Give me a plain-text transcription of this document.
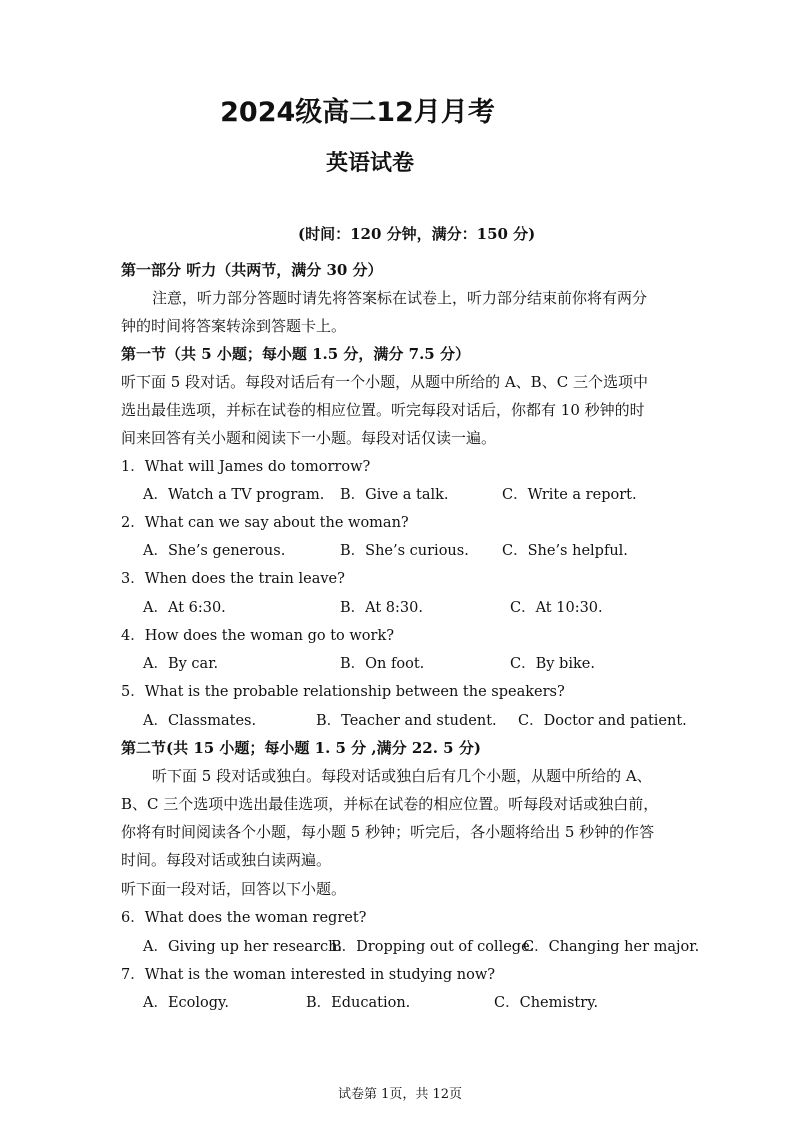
2024级高二12月月考
英语试卷
(时间：120 分钟，满分：150 分)
第一部分 听力（共两节，满分 30 分）
注意，听力部分答题时请先将答案标在试卷上，听力部分结束前你将有两分
钟的时间将答案转涂到答题卡上。
第一节（共 5 小题；每小题 1.5 分，满分 7.5 分）
听下面 5 段对话。每段对话后有一个小题，从题中所给的 A、B、C 三个选项中
选出最佳选项，并标在试卷的相应位置。听完每段对话后，你都有 10 秒钟的时
间来回答有关小题和阅读下一小题。每段对话仅读一遍。
1．What will James do tomorrow?
A．Watch a TV program. B．Give a talk.	C．Write a report.
2．What can we say about the woman?
A．She’s generous.	B．She’s curious. C．She’s helpful.
3．When does the train leave?
A．At 6:30.	B．At 8:30.	C．At 10:30.
4．How does the woman go to work?
A．By car.	B．On foot.	C．By bike.
5．What is the probable relationship between the speakers?
A．Classmates.	B．Teacher and student. C．Doctor and patient.
第二节(共 15 小题；每小题 1. 5 分 ,满分 22. 5 分)
听下面 5 段对话或独白。每段对话或独白后有几个小题，从题中所给的 A、
B、C 三个选项中选出最佳选项，并标在试卷的相应位置。听每段对话或独白前，
你将有时间阅读各个小题，每小题 5 秒钟；听完后，各小题将给出 5 秒钟的作答
时间。每段对话或独白读两遍。
听下面一段对话，回答以下小题。
6．What does the woman regret?
A．Giving up her research.
B．Dropping out of college.
C．Changing her major.
7．What is the woman interested in studying now?
A．Ecology.	B．Education.	C．Chemistry.
试卷第 1页，共 12页
